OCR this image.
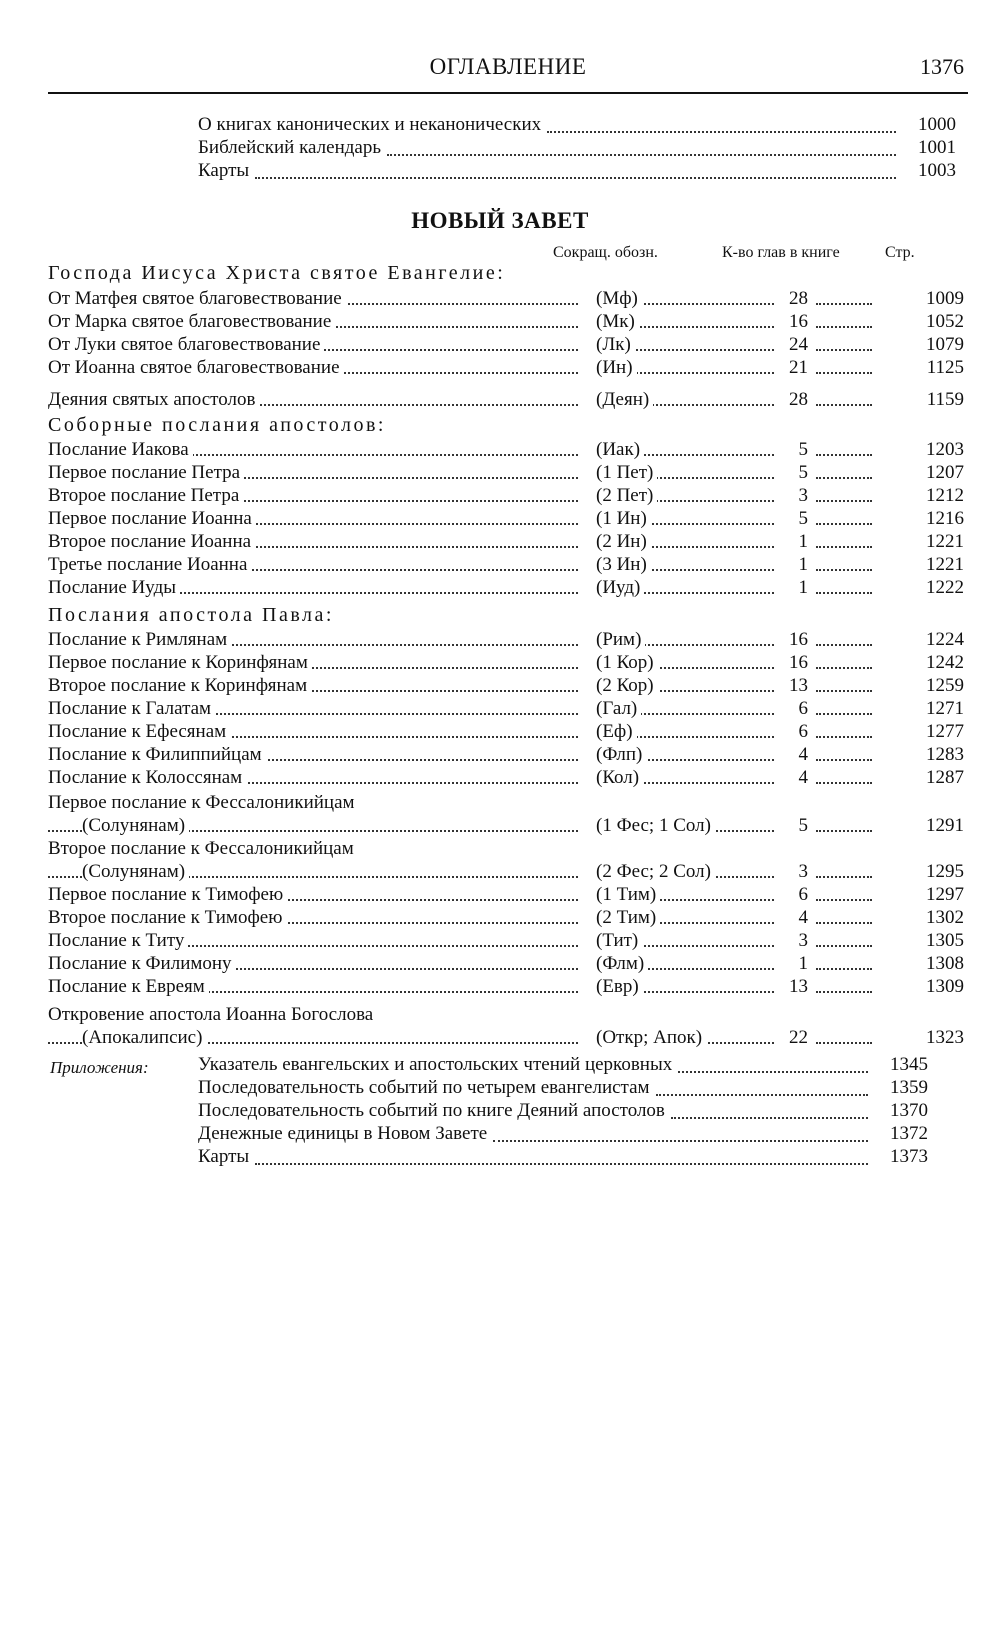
ОГЛАВЛЕНИЕ	1376
О книгах канонических и неканонических	1000
Библейский календарь	1001
Карты	1003
НОВЫЙ ЗАВЕТ
Сокращ. обозн.	К-во глав в книге	Стр.
Господа Иисуса Христа святое Евангелие:
От Матфея святое благовествование	(Мф)	28	1009
От Марка святое благовествование	(Мк)	16	1052
От Луки святое благовествование	(Лк)	24	1079
От Иоанна святое благовествование	(Ин)	21	1125
Деяния святых апостолов	(Деян)	28	1159
Соборные послания апостолов:
Послание Иакова	(Иак)	5	1203
Первое послание Петра	(1 Пет)	5	1207
Второе послание Петра	(2 Пет)	3	1212
Первое послание Иоанна	(1 Ин)	5	1216
Второе послание Иоанна	(2 Ин)	1	1221
Третье послание Иоанна	(3 Ин)	1	1221
Послание Иуды	(Иуд)	1	1222
Послания апостола Павла:
Послание к Римлянам	(Рим)	16	1224
Первое послание к Коринфянам	(1 Кор)	16	1242
Второе послание к Коринфянам	(2 Кор)	13	1259
Послание к Галатам	(Гал)	6	1271
Послание к Ефесянам	(Еф)	6	1277
Послание к Филиппийцам	(Флп)	4	1283
Послание к Колоссянам	(Кол)	4	1287
Первое послание к Фессалоникийцам
(Солунянам)	(1 Фес; 1 Сол)	5	1291
Второе послание к Фессалоникийцам
(Солунянам)	(2 Фес; 2 Сол)	3	1295
Первое послание к Тимофею	(1 Тим)	6	1297
Второе послание к Тимофею	(2 Тим)	4	1302
Послание к Титу	(Тит)	3	1305
Послание к Филимону	(Флм)	1	1308
Послание к Евреям	(Евр)	13	1309
Откровение апостола Иоанна Богослова
(Апокалипсис)	(Откр; Апок)	22	1323
Приложения:	Указатель евангельских и апостольских чтений церковных	1345
Последовательность событий по четырем евангелистам	1359
Последовательность событий по книге Деяний апостолов	1370
Денежные единицы в Новом Завете	1372
Карты	1373
